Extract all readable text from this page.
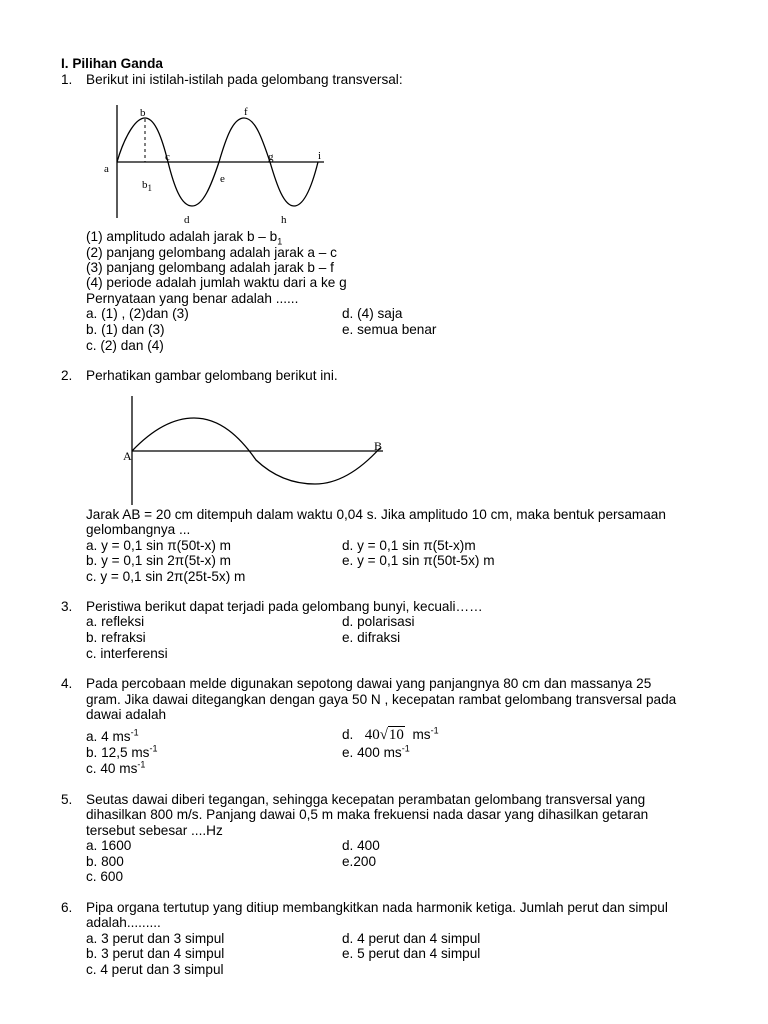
I. Pilihan Ganda
1. Berikut ini istilah-istilah pada gelombang transversal:
a
b
$b_1$
c
d
e
f
g
h
i
(1) amplitudo adalah jarak b – $b_1$
(2) panjang gelombang adalah jarak a – c
(3) panjang gelombang adalah jarak b – f
(4) periode adalah jumlah waktu dari a ke g
Pernyataan yang benar adalah ......
a. (1) , (2)dan (3)
b. (1) dan (3)
c. (2) dan (4)
d. (4) saja
e. semua benar
2. Perhatikan gambar gelombang berikut ini.
A
B
Jarak AB = 20 cm ditempuh dalam waktu 0,04 s. Jika amplitudo 10 cm, maka bentuk persamaan
gelombangnya ...
a. y = 0,1 sin π(50t-x) m
b. y = 0,1 sin 2π(5t-x) m
c. y = 0,1 sin 2π(25t-5x) m
d. y = 0,1 sin π(5t-x)m
e. y = 0,1 sin π(50t-5x) m
3. Peristiwa berikut dapat terjadi pada gelombang bunyi, kecuali……
a. refleksi
b. refraksi
c. interferensi
d. polarisasi
e. difraksi
4. Pada percobaan melde digunakan sepotong dawai yang panjangnya 80 cm dan massanya 25
gram. Jika dawai ditegangkan dengan gaya 50 N , kecepatan rambat gelombang transversal pada
dawai adalah
a. 4 $ms^{-1}$
b. 12,5 $ms^{-1}$
c. 40 $ms^{-1}$
d. 40√10 $ms^{-1}$
e. 400 $ms^{-1}$
5. Seutas dawai diberi tegangan, sehingga kecepatan perambatan gelombang transversal yang
dihasilkan 800 m/s. Panjang dawai 0,5 m maka frekuensi nada dasar yang dihasilkan getaran
tersebut sebesar ....Hz
a. 1600
b. 800
c. 600
d. 400
e.200
6. Pipa organa tertutup yang ditiup membangkitkan nada harmonik ketiga. Jumlah perut dan simpul
adalah.........
a. 3 perut dan 3 simpul
b. 3 perut dan 4 simpul
c. 4 perut dan 3 simpul
d. 4 perut dan 4 simpul
e. 5 perut dan 4 simpul
